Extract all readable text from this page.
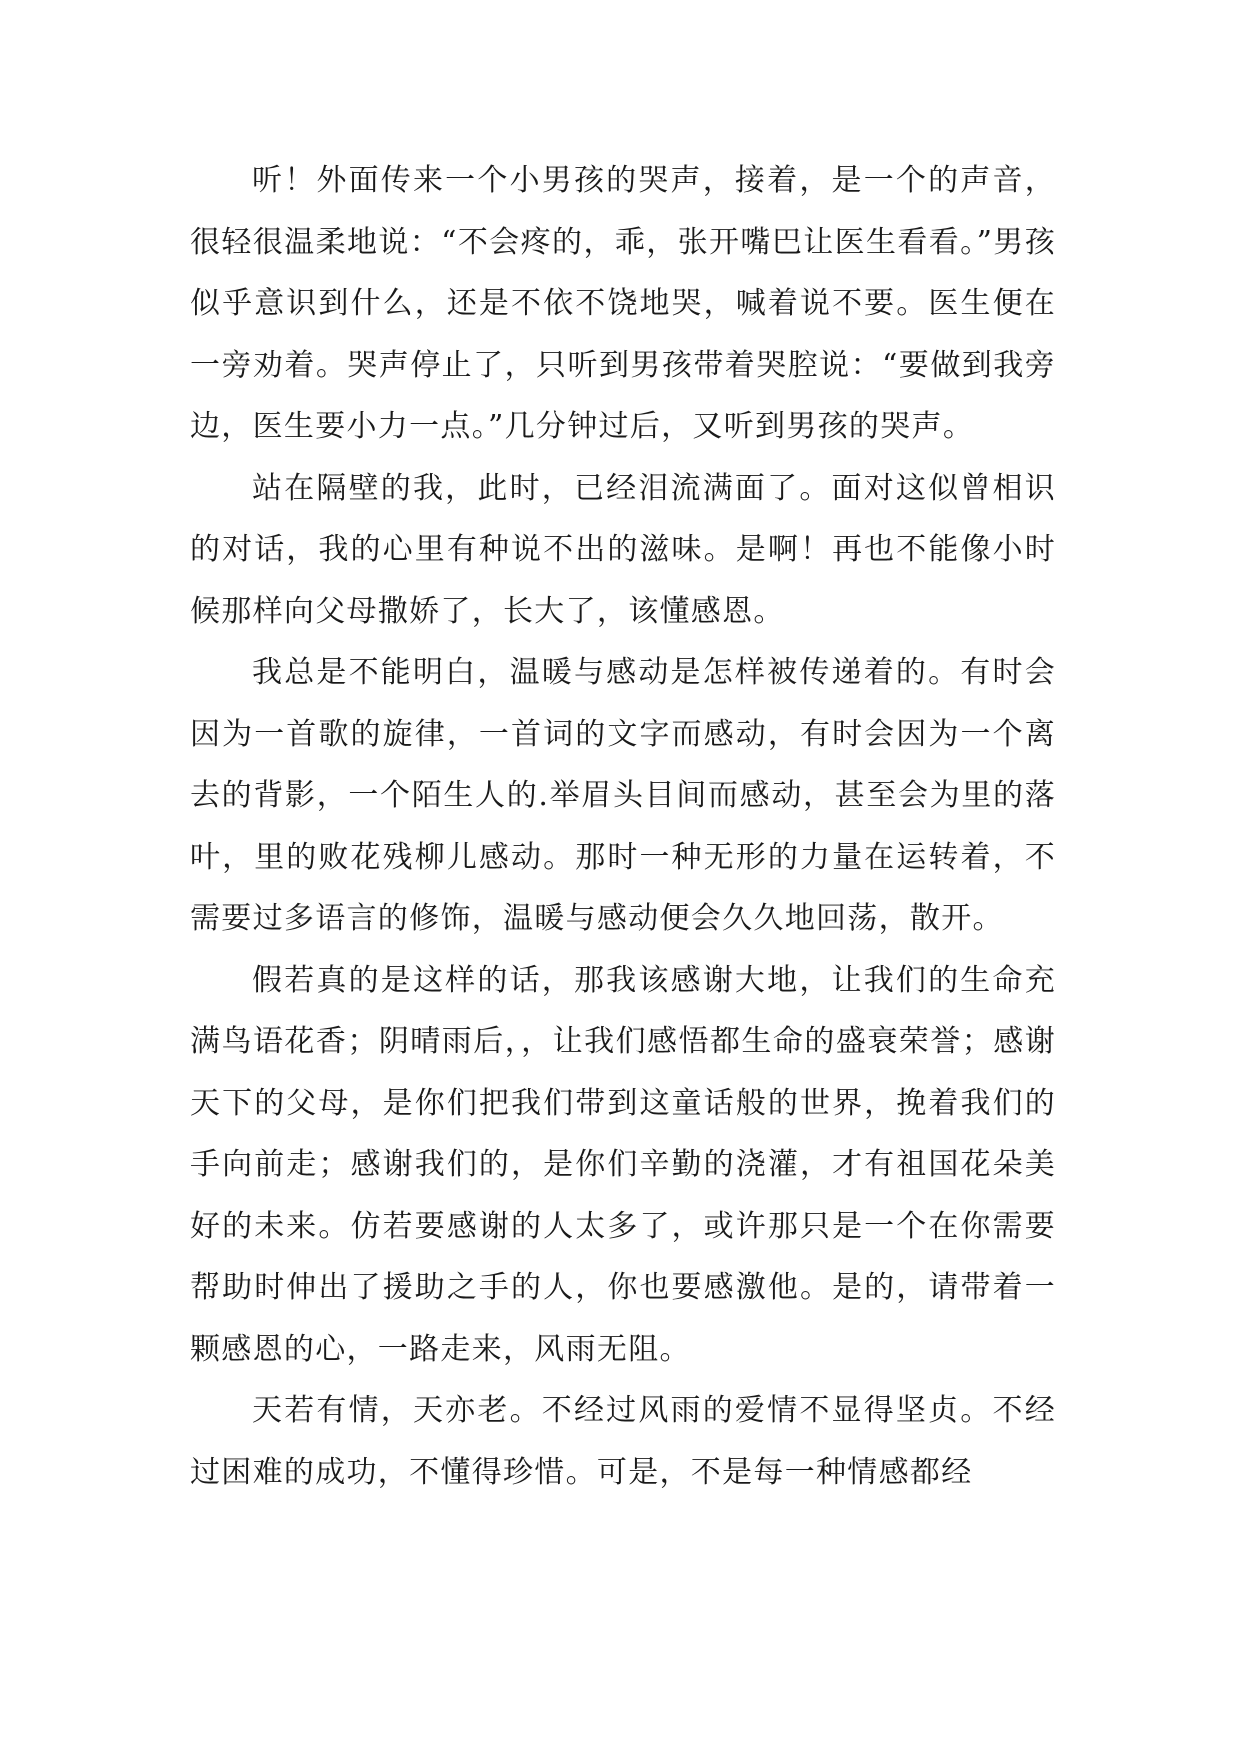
听！外面传来一个小男孩的哭声，接着，是一个的声音，很轻很温柔地说：“不会疼的，乖，张开嘴巴让医生看看。”男孩似乎意识到什么，还是不依不饶地哭，喊着说不要。医生便在一旁劝着。哭声停止了，只听到男孩带着哭腔说：“要做到我旁边，医生要小力一点。”几分钟过后，又听到男孩的哭声。

站在隔壁的我，此时，已经泪流满面了。面对这似曾相识的对话，我的心里有种说不出的滋味。是啊！再也不能像小时候那样向父母撒娇了，长大了，该懂感恩。

我总是不能明白，温暖与感动是怎样被传递着的。有时会因为一首歌的旋律，一首词的文字而感动，有时会因为一个离去的背影，一个陌生人的.举眉头目间而感动，甚至会为里的落叶，里的败花残柳儿感动。那时一种无形的力量在运转着，不需要过多语言的修饰，温暖与感动便会久久地回荡，散开。

假若真的是这样的话，那我该感谢大地，让我们的生命充满鸟语花香；阴晴雨后，，让我们感悟都生命的盛衰荣誉；感谢天下的父母，是你们把我们带到这童话般的世界，挽着我们的手向前走；感谢我们的，是你们辛勤的浇灌，才有祖国花朵美好的未来。仿若要感谢的人太多了，或许那只是一个在你需要帮助时伸出了援助之手的人，你也要感激他。是的，请带着一颗感恩的心，一路走来，风雨无阻。

天若有情，天亦老。不经过风雨的爱情不显得坚贞。不经过困难的成功，不懂得珍惜。可是，不是每一种情感都经
